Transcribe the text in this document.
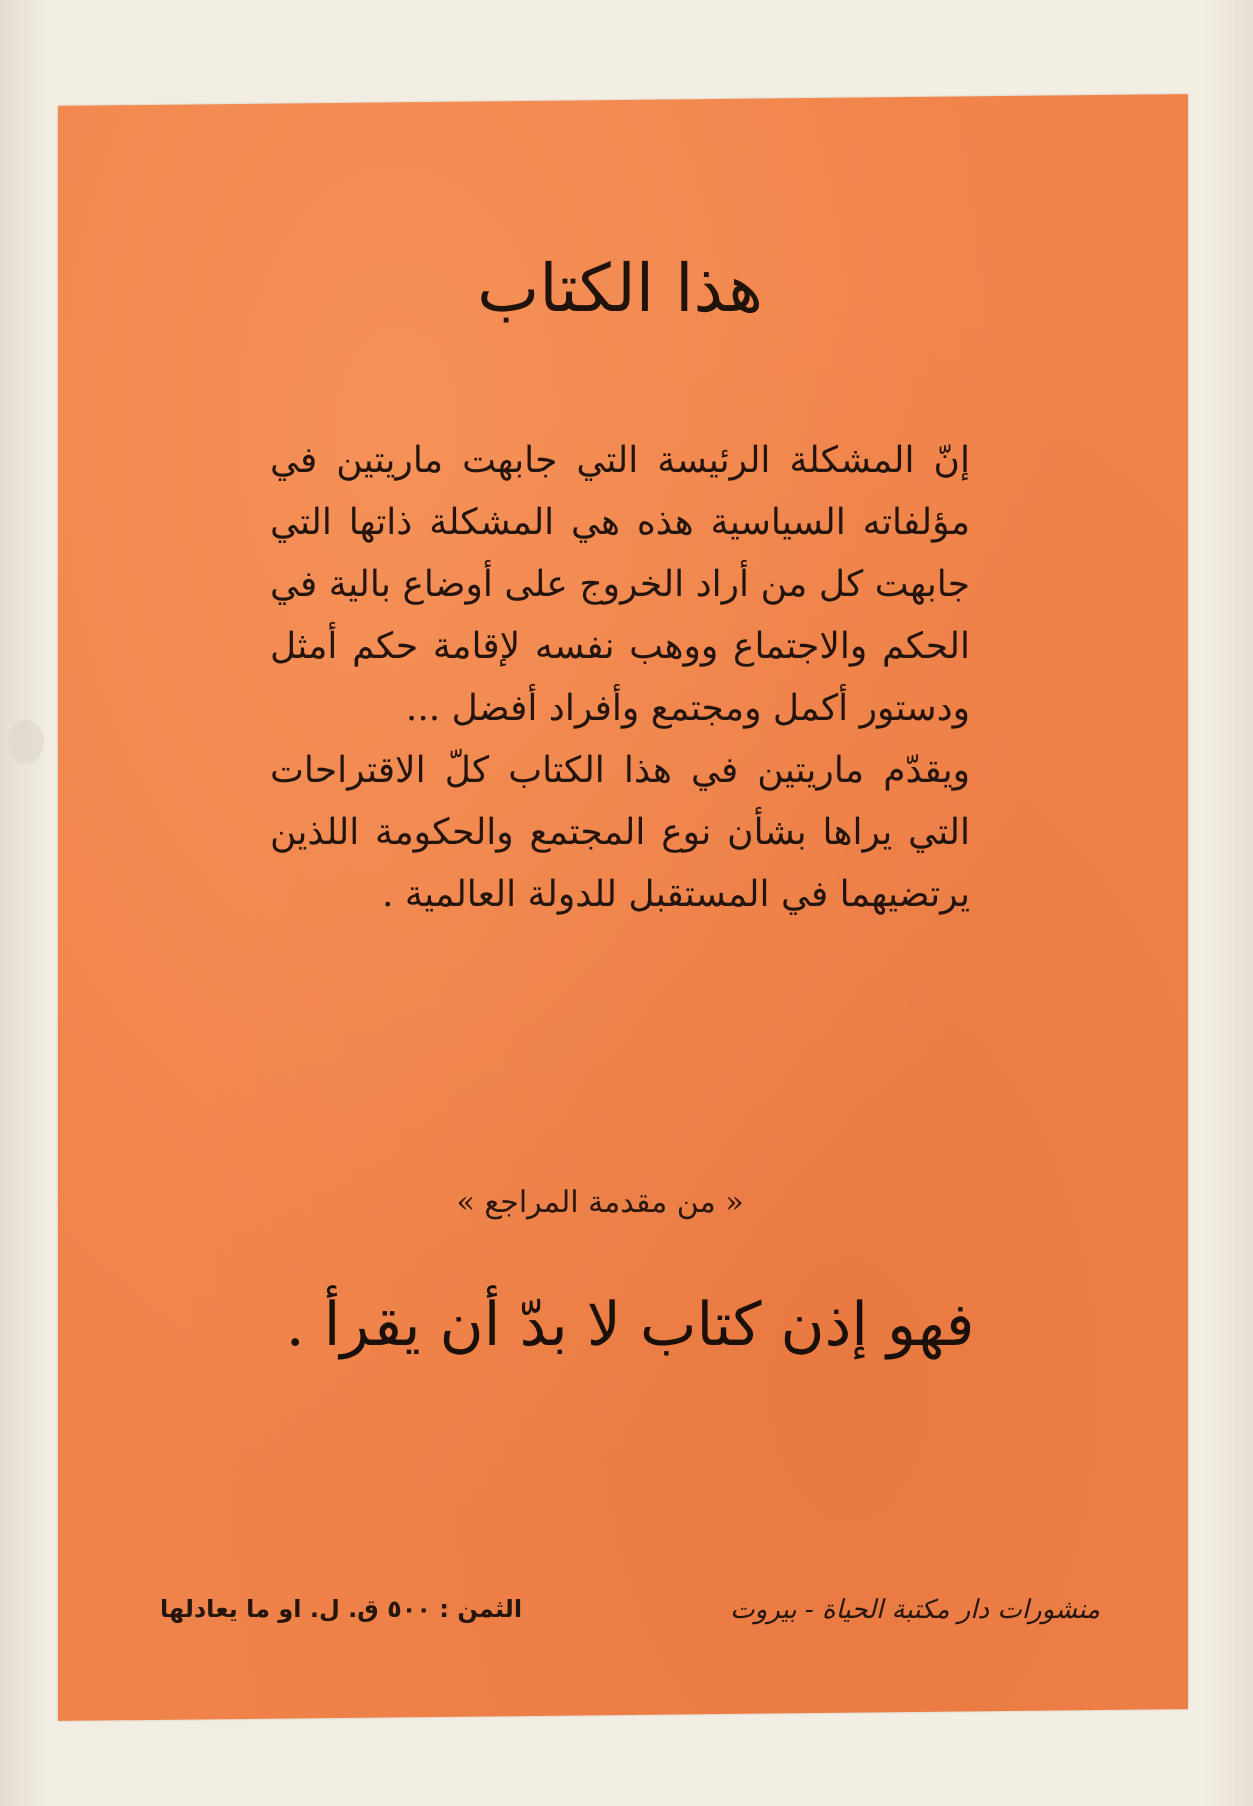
هذا الكتاب

إنّ المشكلة الرئيسة التي جابهت ماريتين في مؤلفاته السياسية هذه هي المشكلة ذاتها التي جابهت كل من أراد الخروج على أوضاع بالية في الحكم والاجتماع ووهب نفسه لإقامة حكم أمثل ودستور أكمل ومجتمع وأفراد أفضل ...

ويقدّم ماريتين في هذا الكتاب كلّ الاقتراحات التي يراها بشأن نوع المجتمع والحكومة اللذين يرتضيهما في المستقبل للدولة العالمية .

« من مقدمة المراجع »
فهو إذن كتاب لا بدّ أن يقرأ .
الثمن : ٥٠٠ ق. ل. او ما يعادلها	منشورات دار مكتبة الحياة - بيروت
